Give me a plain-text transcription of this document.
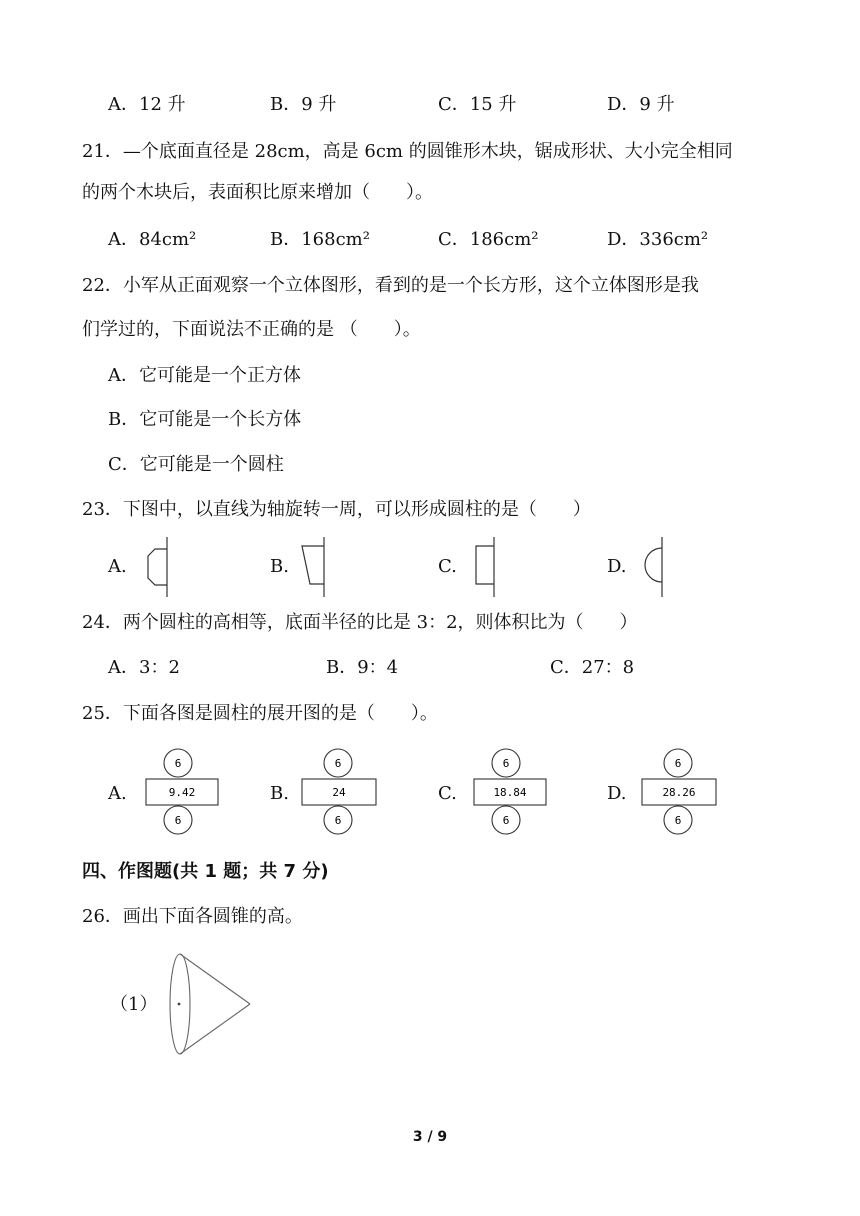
A．12 升	B．9 升	C．15 升	D．9 升
21．—个底面直径是 28cm，高是 6cm 的圆锥形木块，锯成形状、大小完全相同
的两个木块后，表面积比原来增加（　　）。
A．84cm²	B．168cm²	C．186cm²	D．336cm²
22．小军从正面观察一个立体图形，看到的是一个长方形，这个立体图形是我
们学过的，下面说法不正确的是 （　　）。
A．它可能是一个正方体
B．它可能是一个长方体
C．它可能是一个圆柱
23．下图中，以直线为轴旋转一周，可以形成圆柱的是（　　）
A.	B.	C.	D.
24．两个圆柱的高相等，底面半径的比是 3：2，则体积比为（　　）
A．3：2	B．9：4	C．27：8
25．下面各图是圆柱的展开图的是（　　）。
A.
6
9.42
6
B.
6
24
6
C.
6
18.84
6
D.
6
28.26
6
四、作图题(共 1 题；共 7 分)
26．画出下面各圆锥的高。
（1）
3 / 9
